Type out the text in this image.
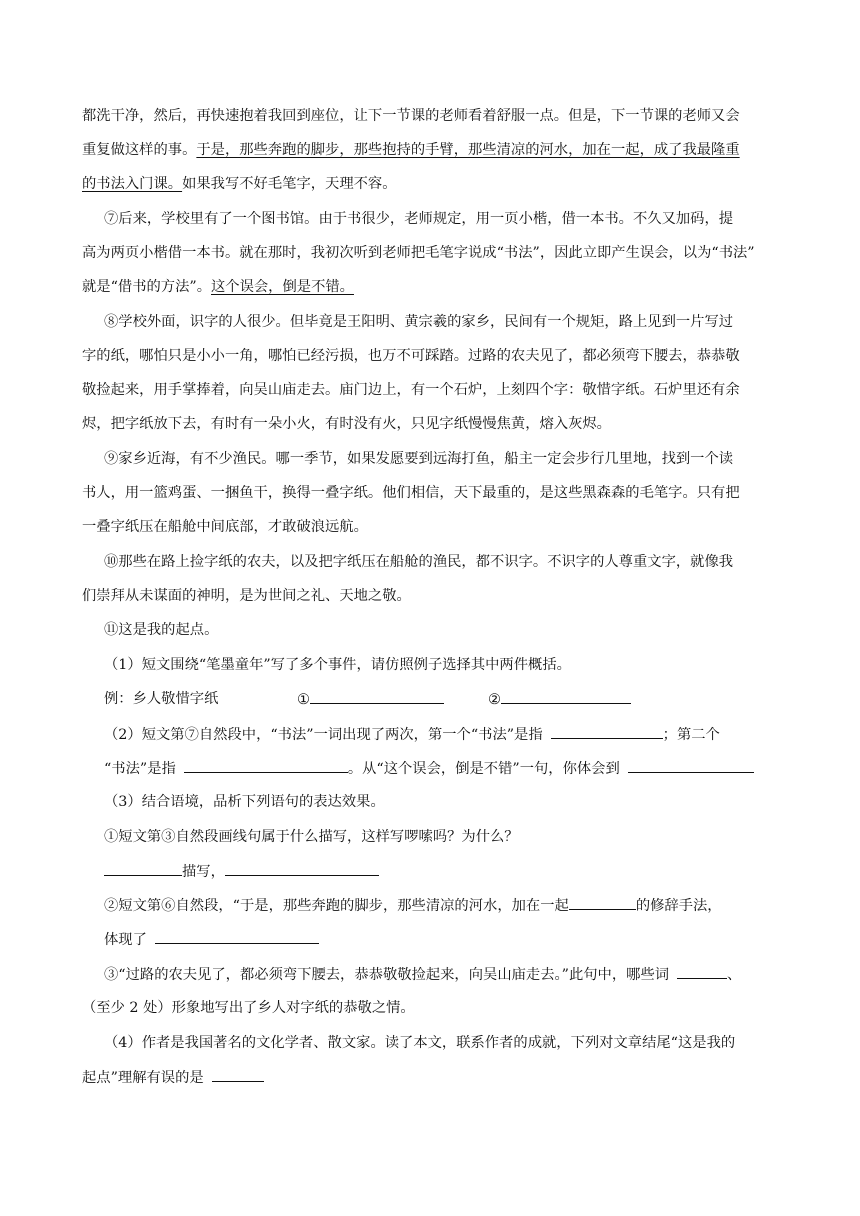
都洗干净，然后，再快速抱着我回到座位，让下一节课的老师看着舒服一点。但是，下一节课的老师又会
重复做这样的事。于是，那些奔跑的脚步，那些抱持的手臂，那些清凉的河水，加在一起，成了我最隆重
的书法入门课。如果我写不好毛笔字，天理不容。
⑦后来，学校里有了一个图书馆。由于书很少，老师规定，用一页小楷，借一本书。不久又加码，提
高为两页小楷借一本书。就在那时，我初次听到老师把毛笔字说成“书法”，因此立即产生误会，以为“书法”
就是“借书的方法”。这个误会，倒是不错。
⑧学校外面，识字的人很少。但毕竟是王阳明、黄宗羲的家乡，民间有一个规矩，路上见到一片写过
字的纸，哪怕只是小小一角，哪怕已经污损，也万不可踩踏。过路的农夫见了，都必须弯下腰去，恭恭敬
敬捡起来，用手掌捧着，向吴山庙走去。庙门边上，有一个石炉，上刻四个字：敬惜字纸。石炉里还有余
烬，把字纸放下去，有时有一朵小火，有时没有火，只见字纸慢慢焦黄，熔入灰烬。
⑨家乡近海，有不少渔民。哪一季节，如果发愿要到远海打鱼，船主一定会步行几里地，找到一个读
书人，用一篮鸡蛋、一捆鱼干，换得一叠字纸。他们相信，天下最重的，是这些黑森森的毛笔字。只有把
一叠字纸压在船舱中间底部，才敢破浪远航。
⑩那些在路上捡字纸的农夫，以及把字纸压在船舱的渔民，都不识字。不识字的人尊重文字，就像我
们崇拜从未谋面的神明，是为世间之礼、天地之敬。
⑪这是我的起点。
（1）短文围绕“笔墨童年”写了多个事件，请仿照例子选择其中两件概括。
例：乡人敬惜字纸	①	②
（2）短文第⑦自然段中，“书法”一词出现了两次，第一个“书法”是指	；第二个
“书法”是指	。从“这个误会，倒是不错”一句，你体会到
（3）结合语境，品析下列语句的表达效果。
①短文第③自然段画线句属于什么描写，这样写啰嗦吗？为什么？
描写，
②短文第⑥自然段，“于是，那些奔跑的脚步，那些清凉的河水，加在一起	的修辞手法，
体现了
③“过路的农夫见了，都必须弯下腰去，恭恭敬敬捡起来，向吴山庙走去。”此句中，哪些词	、
（至少 2 处）形象地写出了乡人对字纸的恭敬之情。
（4）作者是我国著名的文化学者、散文家。读了本文，联系作者的成就，下列对文章结尾“这是我的
起点”理解有误的是
